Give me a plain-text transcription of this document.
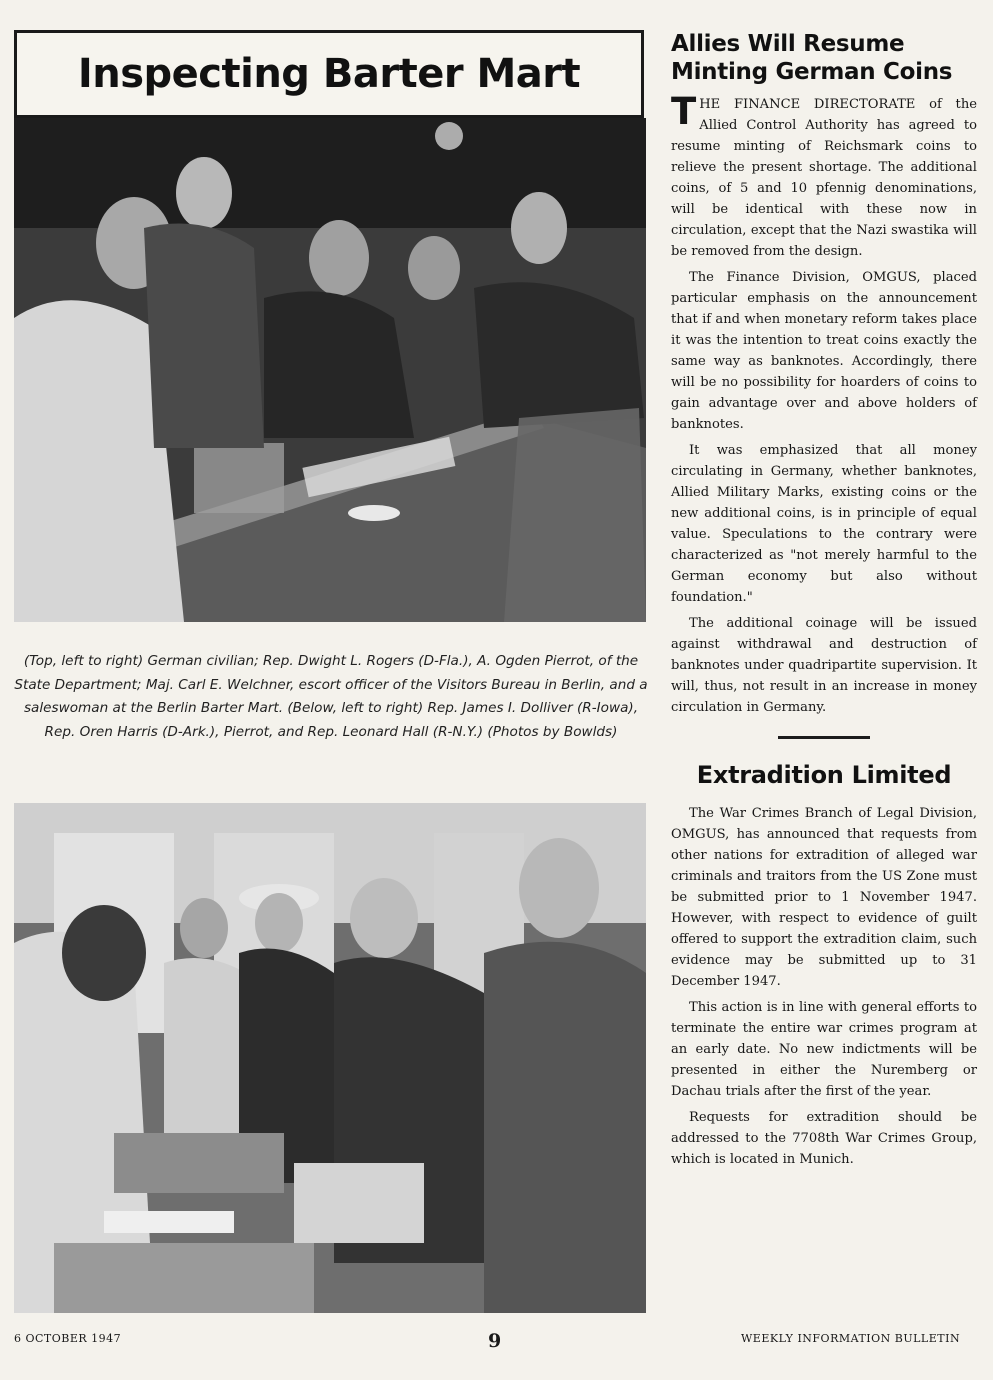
Inspecting Barter Mart

(Top, left to right) German civilian; Rep. Dwight L. Rogers (D-Fla.), A. Ogden Pierrot, of the State Department; Maj. Carl E. Welchner, escort officer of the Visitors Bureau in Berlin, and a saleswoman at the Berlin Barter Mart. (Below, left to right) Rep. James I. Dolliver (R-Iowa), Rep. Oren Harris (D-Ark.), Pierrot, and Rep. Leonard Hall (R-N.Y.) (Photos by Bowlds)

Allies Will Resume Minting German Coins

THE FINANCE DIRECTORATE of the Allied Control Authority has agreed to resume minting of Reichsmark coins to relieve the present shortage. The additional coins, of 5 and 10 pfennig denominations, will be identical with these now in circulation, except that the Nazi swastika will be removed from the design.

The Finance Division, OMGUS, placed particular emphasis on the announcement that if and when monetary reform takes place it was the intention to treat coins exactly the same way as banknotes. Accordingly, there will be no possibility for hoarders of coins to gain advantage over and above holders of banknotes.

It was emphasized that all money circulating in Germany, whether banknotes, Allied Military Marks, existing coins or the new additional coins, is in principle of equal value. Speculations to the contrary were characterized as "not merely harmful to the German economy but also without foundation."

The additional coinage will be issued against withdrawal and destruction of banknotes under quadripartite supervision. It will, thus, not result in an increase in money circulation in Germany.

Extradition Limited

The War Crimes Branch of Legal Division, OMGUS, has announced that requests from other nations for extradition of alleged war criminals and traitors from the US Zone must be submitted prior to 1 November 1947. However, with respect to evidence of guilt offered to support the extradition claim, such evidence may be submitted up to 31 December 1947.

This action is in line with general efforts to terminate the entire war crimes program at an early date. No new indictments will be presented in either the Nuremberg or Dachau trials after the first of the year.

Requests for extradition should be addressed to the 7708th War Crimes Group, which is located in Munich.

6 OCTOBER 1947	9	WEEKLY INFORMATION BULLETIN
